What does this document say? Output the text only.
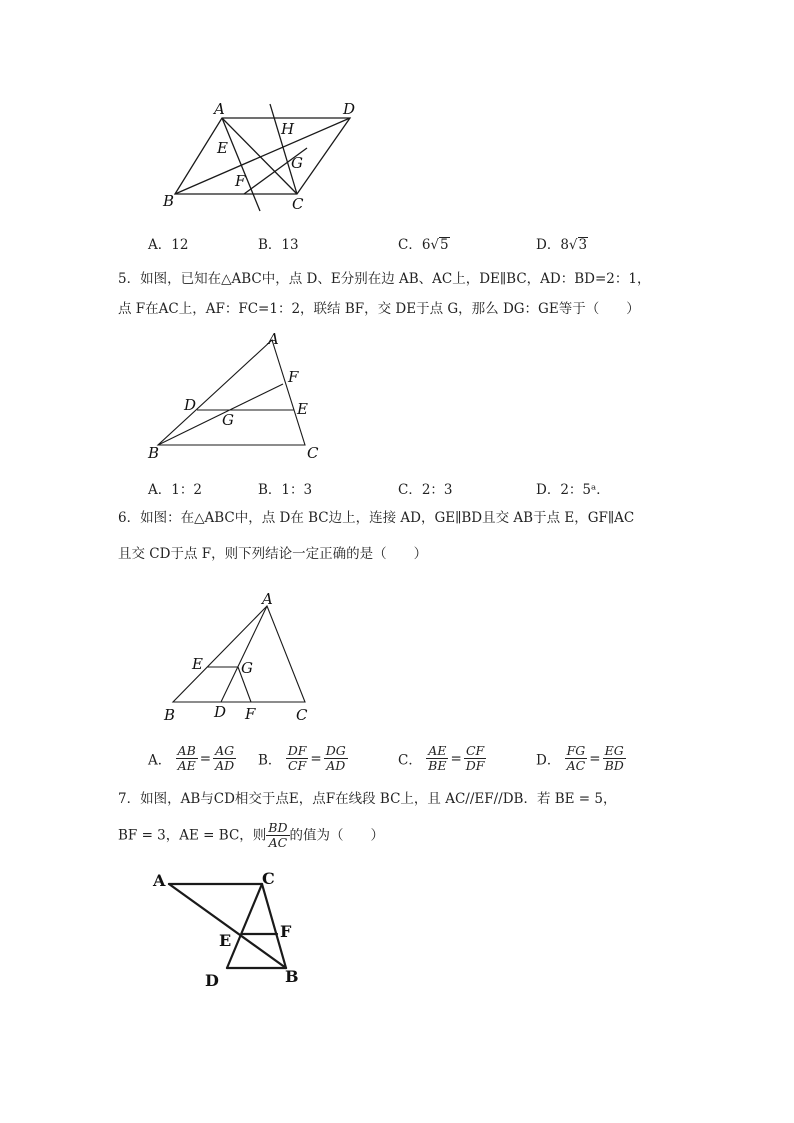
A	D
H
E
G
F
B	C
A．12	B．13	C．6√5	D．8√3
5．如图，已知在△ABC中，点 D、E分别在边 AB、AC上，DE∥BC，AD：BD=2：1，
点 F在AC上，AF：FC=1：2，联结 BF，交 DE于点 G，那么 DG：GE等于（　　）
A
F
D	E
G
B	C
A．1：2	B．1：3	C．2：3	D．2：5ᵃ．
6．如图：在△ABC中，点 D在 BC边上，连接 AD，GE∥BD且交 AB于点 E，GF∥AC
且交 CD于点 F，则下列结论一定正确的是（　　）
A
E	G
B	D F	C
A． $\frac{AB}{AE} = \frac{AG}{AD}$ B． $\frac{DF}{CF} = \frac{DG}{AD}$	C． $\frac{AE}{BE} = \frac{CF}{DF}$	D． $\frac{FG}{AC} = \frac{EG}{BD}$
7．如图，AB与CD相交于点E，点F在线段 BC上，且 AC//EF//DB．若 BE = 5，
BF = 3，AE = BC，则 $\frac{BD}{AC}$ 的值为（　　）
A	C
E	F
D	B
